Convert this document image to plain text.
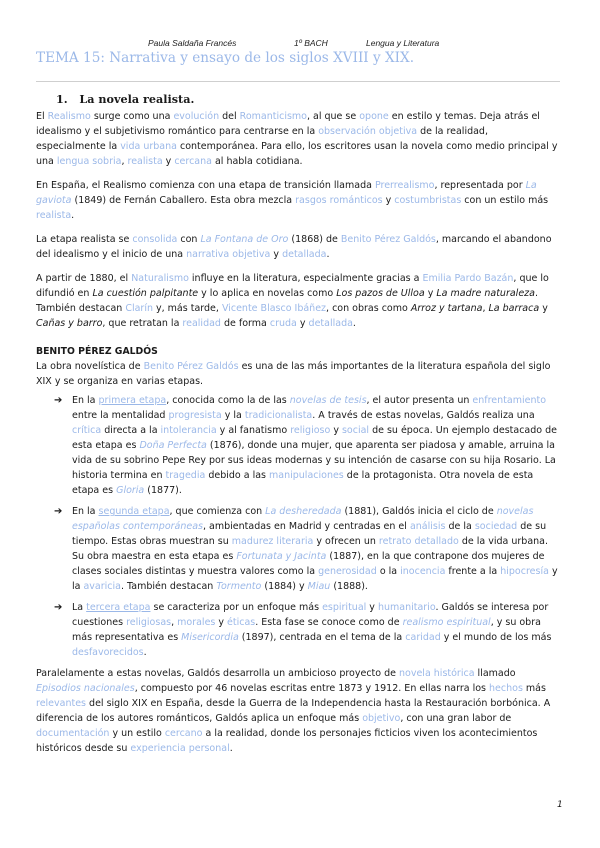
Paula Saldaña Francés	1º BACH	Lengua y Literatura
TEMA 15: Narrativa y ensayo de los siglos XVIII y XIX.
1. La novela realista.

El Realismo surge como una evolución del Romanticismo, al que se opone en estilo y temas. Deja atrás el idealismo y el subjetivismo romántico para centrarse en la observación objetiva de la realidad, especialmente la vida urbana contemporánea. Para ello, los escritores usan la novela como medio principal y una lengua sobria, realista y cercana al habla cotidiana.

En España, el Realismo comienza con una etapa de transición llamada Prerrealismo, representada por La gaviota (1849) de Fernán Caballero. Esta obra mezcla rasgos románticos y costumbristas con un estilo más realista.

La etapa realista se consolida con La Fontana de Oro (1868) de Benito Pérez Galdós, marcando el abandono del idealismo y el inicio de una narrativa objetiva y detallada.

A partir de 1880, el Naturalismo influye en la literatura, especialmente gracias a Emilia Pardo Bazán, que lo difundió en La cuestión palpitante y lo aplica en novelas como Los pazos de Ulloa y La madre naturaleza. También destacan Clarín y, más tarde, Vicente Blasco Ibáñez, con obras como Arroz y tartana, La barraca y Cañas y barro, que retratan la realidad de forma cruda y detallada.

BENITO PÉREZ GALDÓS

La obra novelística de Benito Pérez Galdós es una de las más importantes de la literatura española del siglo XIX y se organiza en varias etapas.

➔ En la primera etapa, conocida como la de las novelas de tesis, el autor presenta un enfrentamiento entre la mentalidad progresista y la tradicionalista. A través de estas novelas, Galdós realiza una crítica directa a la intolerancia y al fanatismo religioso y social de su época. Un ejemplo destacado de esta etapa es Doña Perfecta (1876), donde una mujer, que aparenta ser piadosa y amable, arruina la vida de su sobrino Pepe Rey por sus ideas modernas y su intención de casarse con su hija Rosario. La historia termina en tragedia debido a las manipulaciones de la protagonista. Otra novela de esta etapa es Gloria (1877).
➔ En la segunda etapa, que comienza con La desheredada (1881), Galdós inicia el ciclo de novelas españolas contemporáneas, ambientadas en Madrid y centradas en el análisis de la sociedad de su tiempo. Estas obras muestran su madurez literaria y ofrecen un retrato detallado de la vida urbana. Su obra maestra en esta etapa es Fortunata y Jacinta (1887), en la que contrapone dos mujeres de clases sociales distintas y muestra valores como la generosidad o la inocencia frente a la hipocresía y la avaricia. También destacan Tormento (1884) y Miau (1888).
➔ La tercera etapa se caracteriza por un enfoque más espiritual y humanitario. Galdós se interesa por cuestiones religiosas, morales y éticas. Esta fase se conoce como de realismo espiritual, y su obra más representativa es Misericordia (1897), centrada en el tema de la caridad y el mundo de los más desfavorecidos.

Paralelamente a estas novelas, Galdós desarrolla un ambicioso proyecto de novela histórica llamado Episodios nacionales, compuesto por 46 novelas escritas entre 1873 y 1912. En ellas narra los hechos más relevantes del siglo XIX en España, desde la Guerra de la Independencia hasta la Restauración borbónica. A diferencia de los autores románticos, Galdós aplica un enfoque más objetivo, con una gran labor de documentación y un estilo cercano a la realidad, donde los personajes ficticios viven los acontecimientos históricos desde su experiencia personal.

1
